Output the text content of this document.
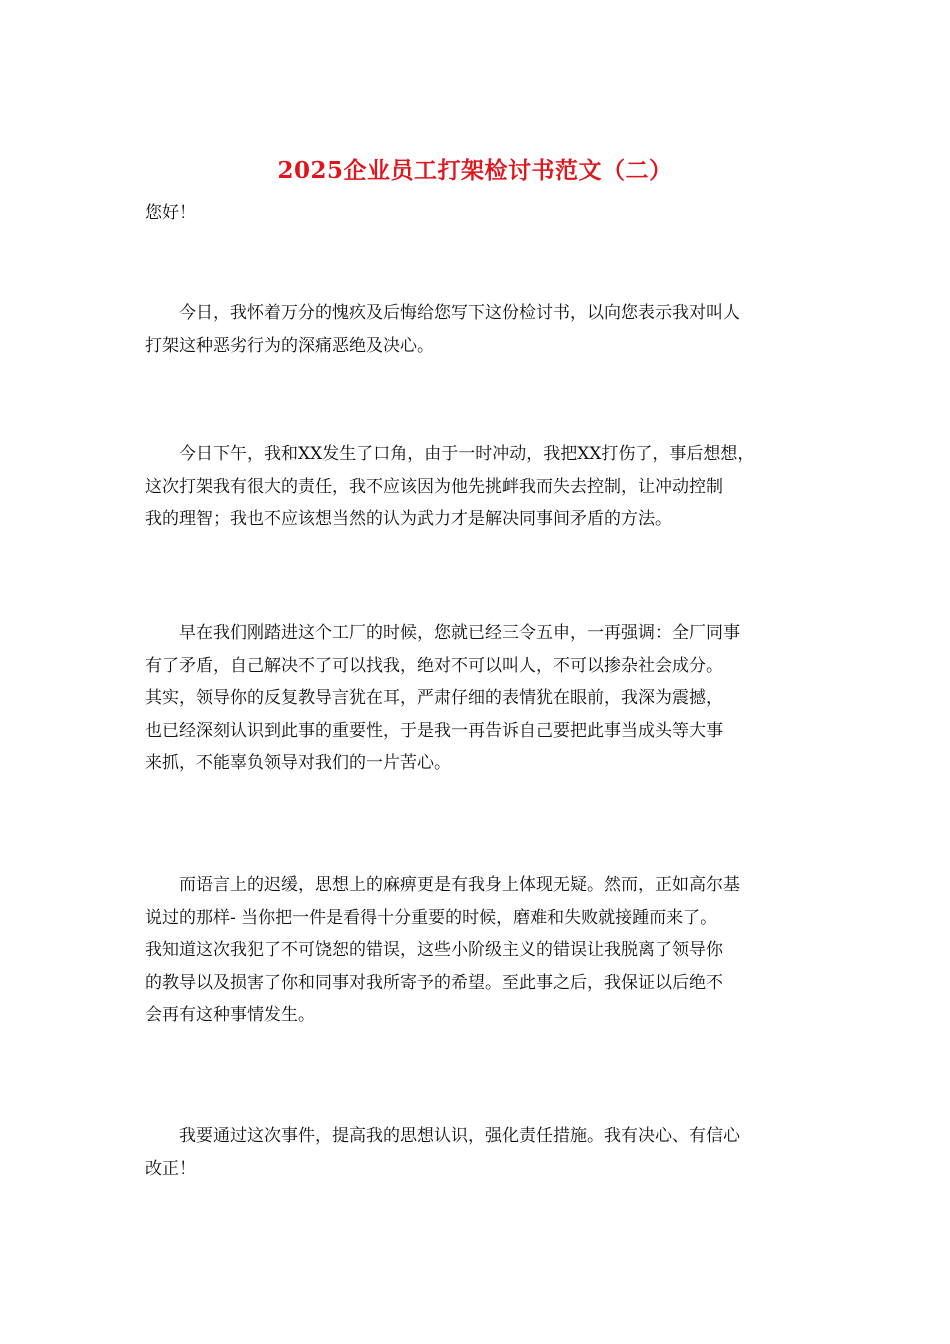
2025企业员工打架检讨书范文（二）
您好！
　　今日，我怀着万分的愧疚及后悔给您写下这份检讨书，以向您表示我对叫人
打架这种恶劣行为的深痛恶绝及决心。
　　今日下午，我和XX发生了口角，由于一时冲动，我把XX打伤了，事后想想，
这次打架我有很大的责任，我不应该因为他先挑衅我而失去控制，让冲动控制
我的理智；我也不应该想当然的认为武力才是解决同事间矛盾的方法。
　　早在我们刚踏进这个工厂的时候，您就已经三令五申，一再强调：全厂同事
有了矛盾，自己解决不了可以找我，绝对不可以叫人，不可以掺杂社会成分。
其实，领导你的反复教导言犹在耳，严肃仔细的表情犹在眼前，我深为震撼，
也已经深刻认识到此事的重要性，于是我一再告诉自己要把此事当成头等大事
来抓，不能辜负领导对我们的一片苦心。
　　而语言上的迟缓，思想上的麻痹更是有我身上体现无疑。然而，正如高尔基
说过的那样- 当你把一件是看得十分重要的时候，磨难和失败就接踵而来了。
我知道这次我犯了不可饶恕的错误，这些小阶级主义的错误让我脱离了领导你
的教导以及损害了你和同事对我所寄予的希望。至此事之后，我保证以后绝不
会再有这种事情发生。
　　我要通过这次事件，提高我的思想认识，强化责任措施。我有决心、有信心
改正！
